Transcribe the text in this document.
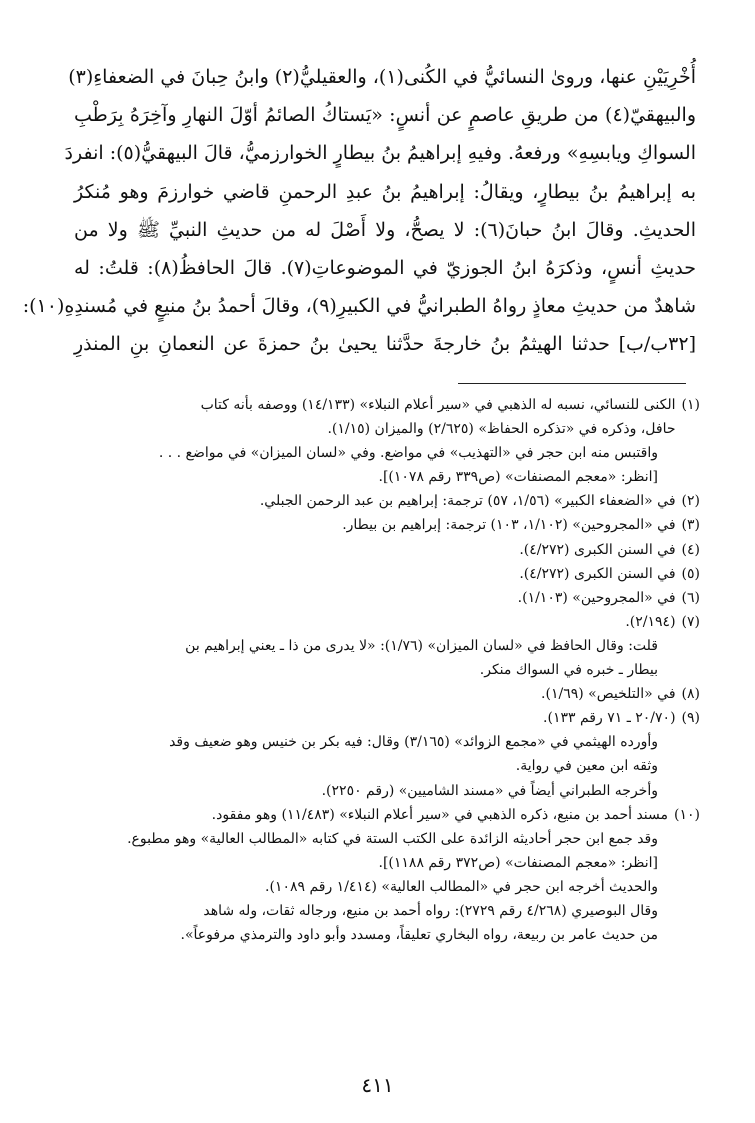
أُخْرِيَيْنِ عنها، وروىٰ النسائيُّ في الكُنى(١)، والعقيليُّ(٢) وابنُ حِبانَ في الضعفاءِ(٣)
والبيهقيّ(٤) من طريقِ عاصمٍ عن أنسٍ: «يَستاكُ الصائمُ أوّلَ النهارِ وآخِرَهُ بِرَطْبِ
السواكِ ويابسِهِ» ورفعهُ. وفيهِ إبراهيمُ بنُ بيطارٍ الخوارزميُّ، قالَ البيهقيُّ(٥): انفردَ
به إبراهيمُ بنُ بيطارٍ، ويقالُ: إبراهيمُ بنُ عبدِ الرحمنِ قاضي خوارزمَ وهو مُنكرُ
الحديثِ. وقالَ ابنُ حبانَ(٦): لا يصحُّ، ولا أَصْلَ له من حديثِ النبيِّ ﷺ ولا من
حديثِ أنسٍ، وذكرَهُ ابنُ الجوزيّ في الموضوعاتِ(٧). قالَ الحافظُ(٨): قلتُ: له
شاهدٌ من حديثِ معاذٍ رواهُ الطبرانيُّ في الكبيرِ(٩)، وقالَ أحمدُ بنُ منيعٍ في مُسندِهِ(١٠):
[٣٢ب/ب] حدثنا الهيثمُ بنُ خارجةَ حدَّثنا يحيىٰ بنُ حمزةَ عن النعمانِ بنِ المنذرِ
(١)
الكنى للنسائي، نسبه له الذهبي في «سير أعلام النبلاء» (١٤/١٣٣) ووصفه بأنه كتاب
حافل، وذكره في «تذكره الحفاظ» (٢/٦٢٥) والميزان (١/١٥).
واقتبس منه ابن حجر في «التهذيب» في مواضع. وفي «لسان الميزان» في مواضع . . .
[انظر: «معجم المصنفات» (ص٣٣٩ رقم ١٠٧٨)].
(٢)
في «الضعفاء الكبير» (١/٥٦، ٥٧) ترجمة: إبراهيم بن عبد الرحمن الجبلي.
(٣)
في «المجروحين» (١/١٠٢، ١٠٣) ترجمة: إبراهيم بن بيطار.
(٤)
في السنن الكبرى (٤/٢٧٢).
(٥)
في السنن الكبرى (٤/٢٧٢).
(٦)
في «المجروحين» (١/١٠٣).
(٧)
(٢/١٩٤).
قلت: وقال الحافظ في «لسان الميزان» (١/٧٦): «لا يدرى من ذا ـ يعني إبراهيم بن
بيطار ـ خبره في السواك منكر.
(٨)
في «التلخيص» (١/٦٩).
(٩)
(٢٠/٧٠ ـ ٧١ رقم ١٣٣).
وأورده الهيثمي في «مجمع الزوائد» (٣/١٦٥) وقال: فيه بكر بن خنيس وهو ضعيف وقد
وثقه ابن معين في رواية.
وأخرجه الطبراني أيضاً في «مسند الشاميين» (رقم ٢٢٥٠).
(١٠)
مسند أحمد بن منيع، ذكره الذهبي في «سير أعلام النبلاء» (١١/٤٨٣) وهو مفقود.
وقد جمع ابن حجر أحاديثه الزائدة على الكتب الستة في كتابه «المطالب العالية» وهو مطبوع.
[انظر: «معجم المصنفات» (ص٣٧٢ رقم ١١٨٨)].
والحديث أخرجه ابن حجر في «المطالب العالية» (١/٤١٤ رقم ١٠٨٩).
وقال البوصيري (٤/٢٦٨ رقم ٢٧٢٩): رواه أحمد بن منيع، ورجاله ثقات، وله شاهد
من حديث عامر بن ربيعة، رواه البخاري تعليقاً، ومسدد وأبو داود والترمذي مرفوعاً».
٤١١
